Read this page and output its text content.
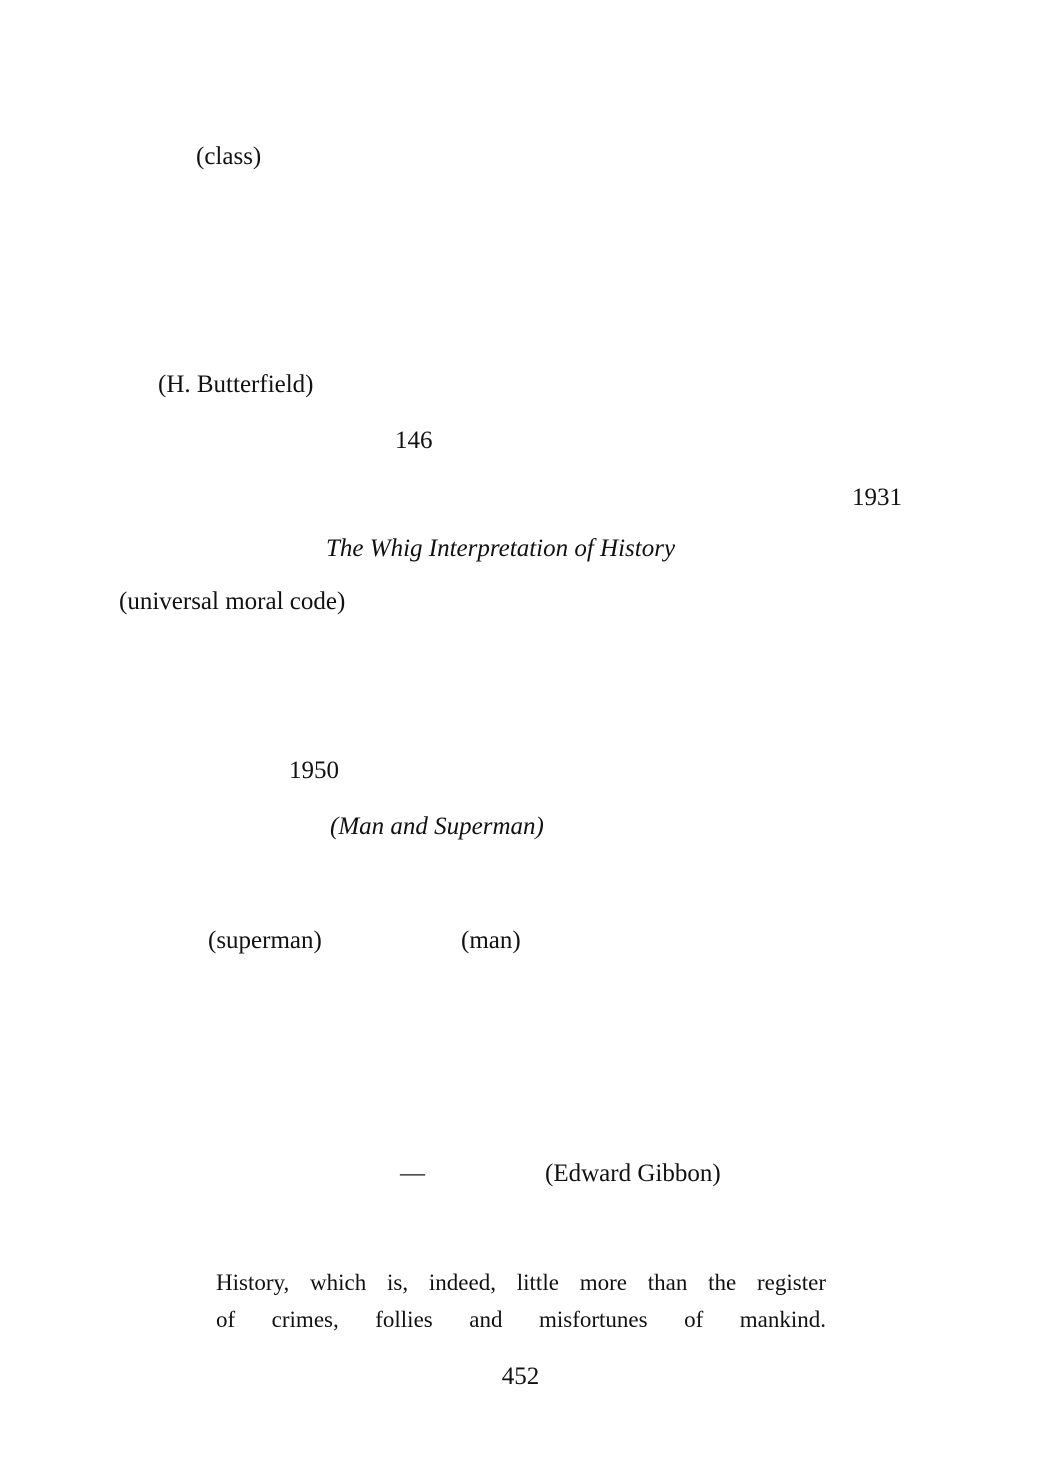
(class)
(H. Butterfield)
146
1931
The Whig Interpretation of History
(universal moral code)
1950
(Man and Superman)
(superman)	(man)
—	(Edward Gibbon)
History, which is, indeed, little more than the register
of crimes, follies and misfortunes of mankind.
452
